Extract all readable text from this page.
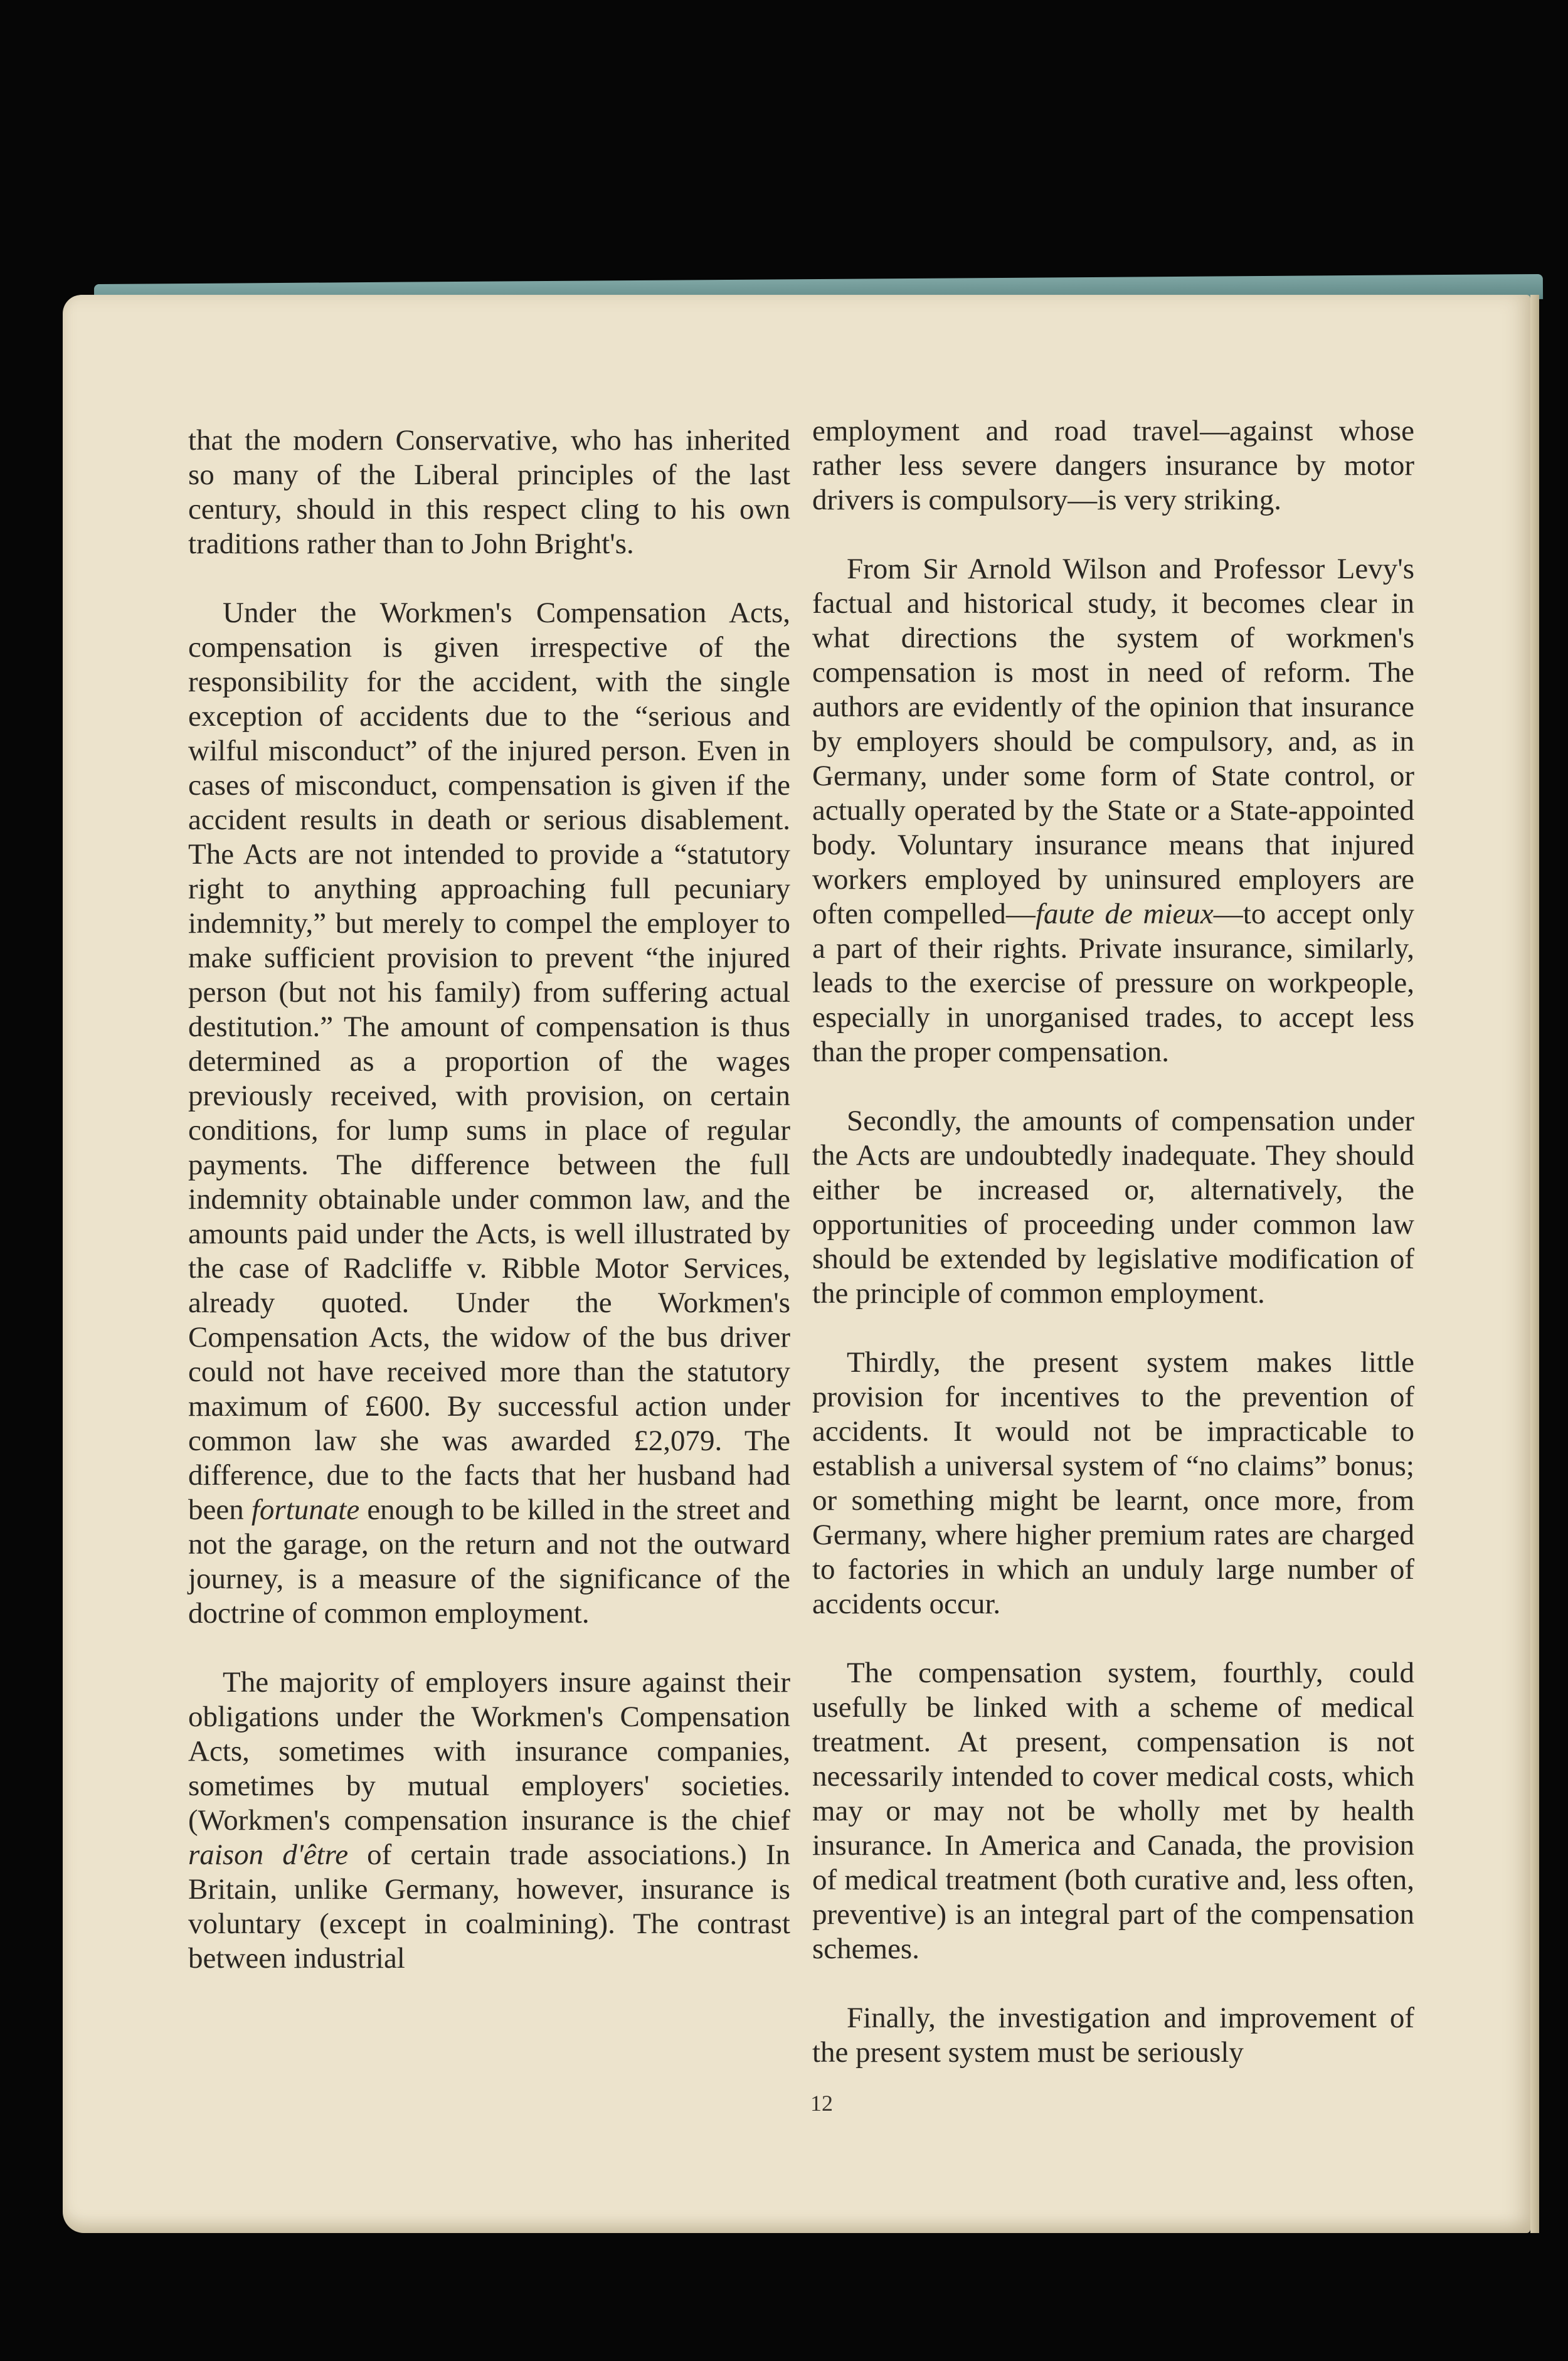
that the modern Conservative, who has inherited so many of the Liberal principles of the last century, should in this respect cling to his own traditions rather than to John Bright's.

Under the Workmen's Compensation Acts, compensation is given irrespective of the responsibility for the accident, with the single exception of accidents due to the “serious and wilful misconduct” of the injured person. Even in cases of misconduct, compensation is given if the accident results in death or serious disablement. The Acts are not intended to provide a “statutory right to anything approaching full pecuniary indemnity,” but merely to compel the employer to make sufficient provision to prevent “the injured person (but not his family) from suffering actual destitution.” The amount of compensation is thus determined as a proportion of the wages previously received, with provision, on certain conditions, for lump sums in place of regular payments. The difference between the full indemnity obtainable under common law, and the amounts paid under the Acts, is well illustrated by the case of Radcliffe v. Ribble Motor Services, already quoted. Under the Workmen's Compensation Acts, the widow of the bus driver could not have received more than the statutory maximum of £600. By successful action under common law she was awarded £2,079. The difference, due to the facts that her husband had been fortunate enough to be killed in the street and not the garage, on the return and not the outward journey, is a measure of the significance of the doctrine of common employment.

The majority of employers insure against their obligations under the Workmen's Compensation Acts, sometimes with insurance companies, sometimes by mutual employers' societies. (Workmen's compensation insurance is the chief raison d'être of certain trade associations.) In Britain, unlike Germany, however, insurance is voluntary (except in coalmining). The contrast between industrial

employment and road travel—against whose rather less severe dangers insurance by motor drivers is compulsory—is very striking.

From Sir Arnold Wilson and Professor Levy's factual and historical study, it becomes clear in what directions the system of workmen's compensation is most in need of reform. The authors are evidently of the opinion that insurance by employers should be compulsory, and, as in Germany, under some form of State control, or actually operated by the State or a State-appointed body. Voluntary insurance means that injured workers employed by uninsured employers are often compelled—faute de mieux—to accept only a part of their rights. Private insurance, similarly, leads to the exercise of pressure on workpeople, especially in unorganised trades, to accept less than the proper compensation.

Secondly, the amounts of compensation under the Acts are undoubtedly inadequate. They should either be increased or, alternatively, the opportunities of proceeding under common law should be extended by legislative modification of the principle of common employment.

Thirdly, the present system makes little provision for incentives to the prevention of accidents. It would not be impracticable to establish a universal system of “no claims” bonus; or something might be learnt, once more, from Germany, where higher premium rates are charged to factories in which an unduly large number of accidents occur.

The compensation system, fourthly, could usefully be linked with a scheme of medical treatment. At present, compensation is not necessarily intended to cover medical costs, which may or may not be wholly met by health insurance. In America and Canada, the provision of medical treatment (both curative and, less often, preventive) is an integral part of the compensation schemes.

Finally, the investigation and improvement of the present system must be seriously

12
